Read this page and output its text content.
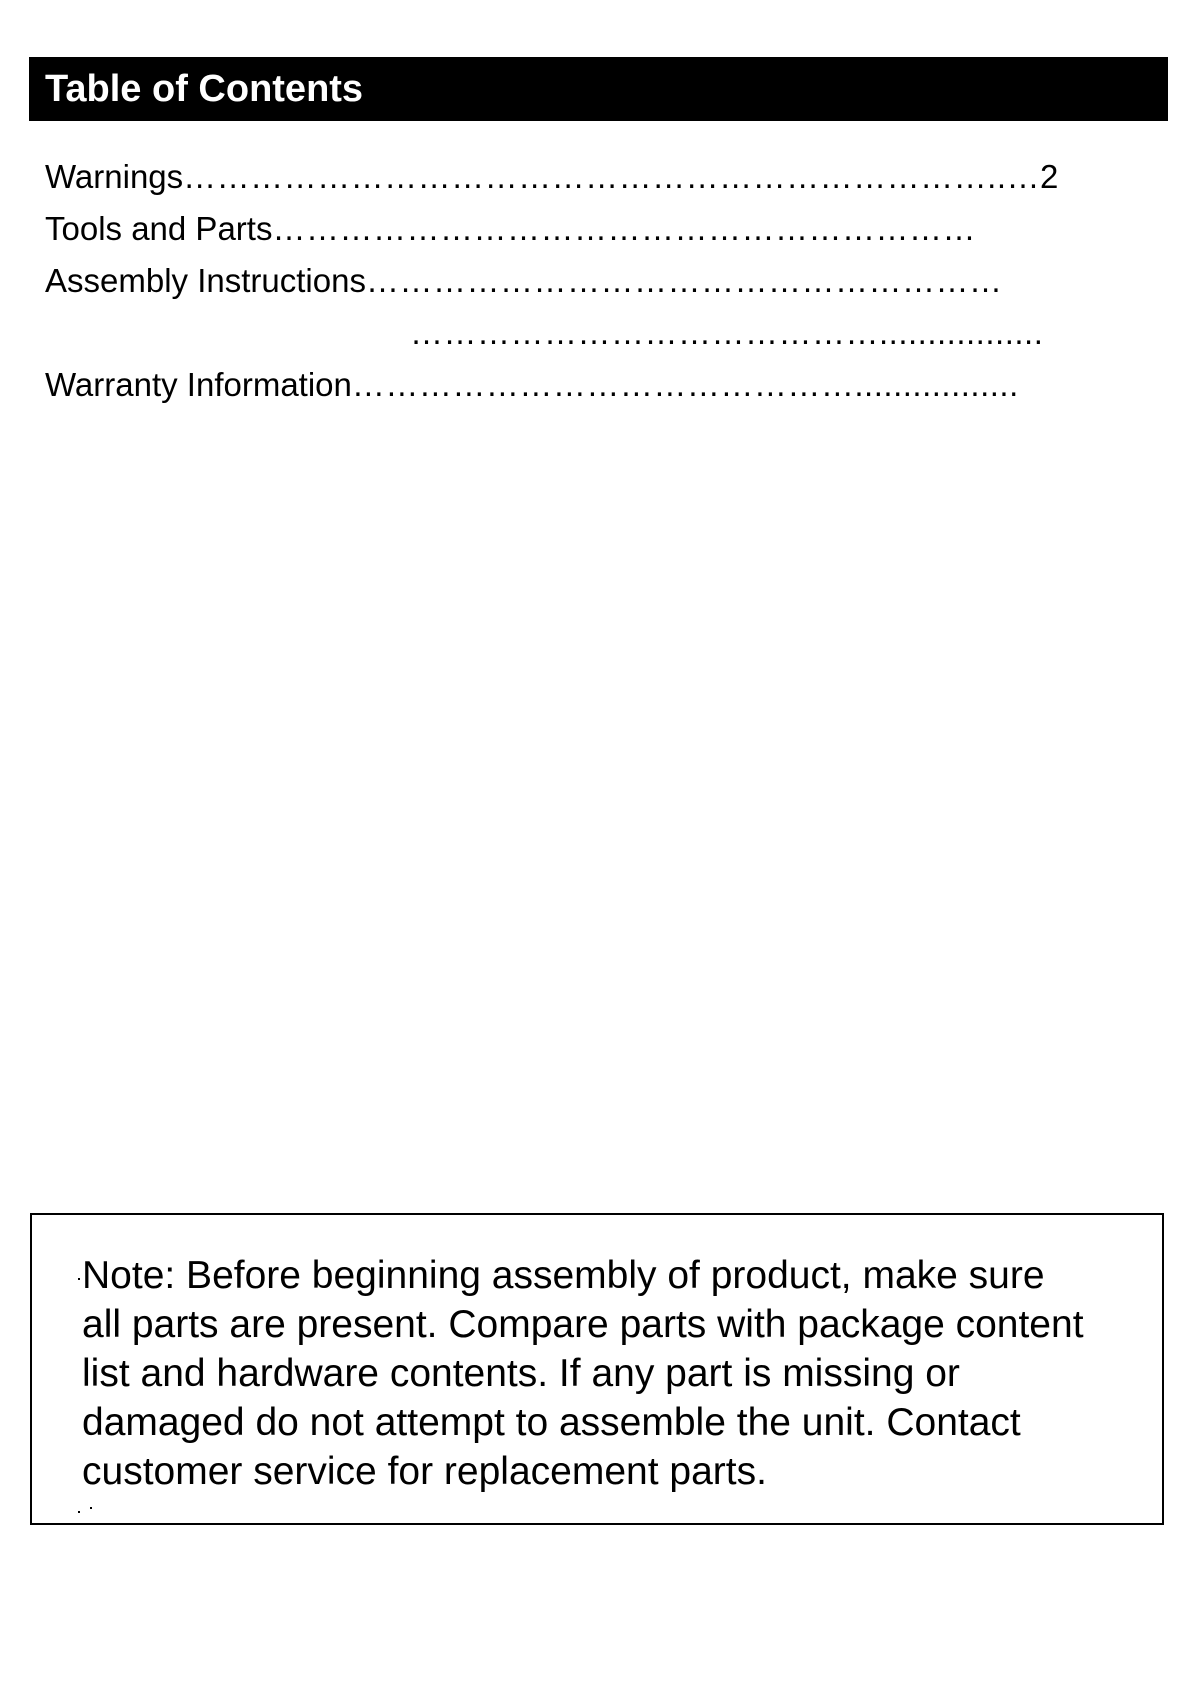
Table of Contents
Warnings………………………………………………………………..…2
Tools and Parts………………………………………………………
Assembly Instructions…………………………………………………
…………………………………….................
Warranty Information……………………………………….................
Note: Before beginning assembly of product, make sure
all parts are present. Compare parts with package content
list and hardware contents. If any part is missing or
damaged do not attempt to assemble the unit. Contact
customer service for replacement parts.
